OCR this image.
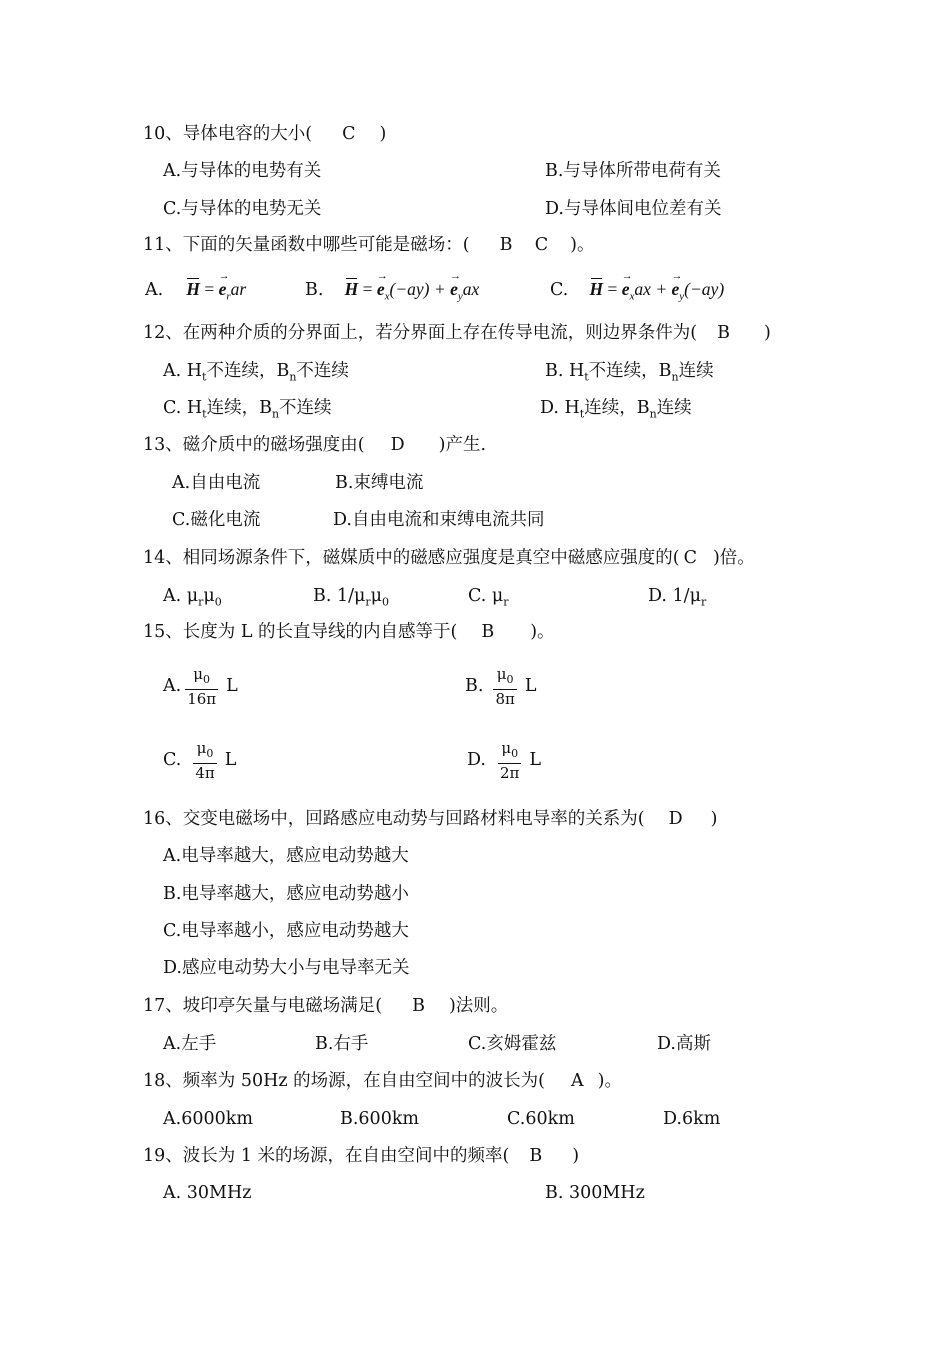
10、导体电容的大小( C )
A.与导体的电势有关	B.与导体所带电荷有关
C.与导体的电势无关	D.与导体间电位差有关
11、下面的矢量函数中哪些可能是磁场：( B    C )。
A. H = → $e_rar$	B. H = → $e_x(-ay)$ + → $e_yax$	C. H = → $e_xax$ + → $e_y(-ay)$
12、在两种介质的分界面上，若分界面上存在传导电流，则边界条件为( B )
A. $H_t$不连续，$B_n$不连续	B. $H_t$不连续，$B_n$连续
C. $H_t$连续，$B_n$不连续	D. $H_t$连续，$B_n$连续
13、磁介质中的磁场强度由( D )产生.
A.自由电流	B.束缚电流
C.磁化电流	D.自由电流和束缚电流共同
14、相同场源条件下，磁媒质中的磁感应强度是真空中磁感应强度的( C )倍。
A. $\mu_r\mu_0$	B. $1/\mu_r\mu_0$	C. $\mu_r$	D. $1/\mu_r$
15、长度为 L 的长直导线的内自感等于( B )。
A. $\frac{\mu_0}{16\pi}$ L	B. $\frac{\mu_0}{8\pi}$ L
C. $\frac{\mu_0}{4\pi}$ L	D. $\frac{\mu_0}{2\pi}$ L
16、交变电磁场中，回路感应电动势与回路材料电导率的关系为( D )
A.电导率越大，感应电动势越大
B.电导率越大，感应电动势越小
C.电导率越小，感应电动势越大
D.感应电动势大小与电导率无关
17、坡印亭矢量与电磁场满足( B )法则。
A.左手	B.右手	C.亥姆霍兹	D.高斯
18、频率为 50Hz 的场源，在自由空间中的波长为( A )。
A.6000km	B.600km	C.60km	D.6km
19、波长为 1 米的场源，在自由空间中的频率( B )
A. 30MHz	B. 300MHz
